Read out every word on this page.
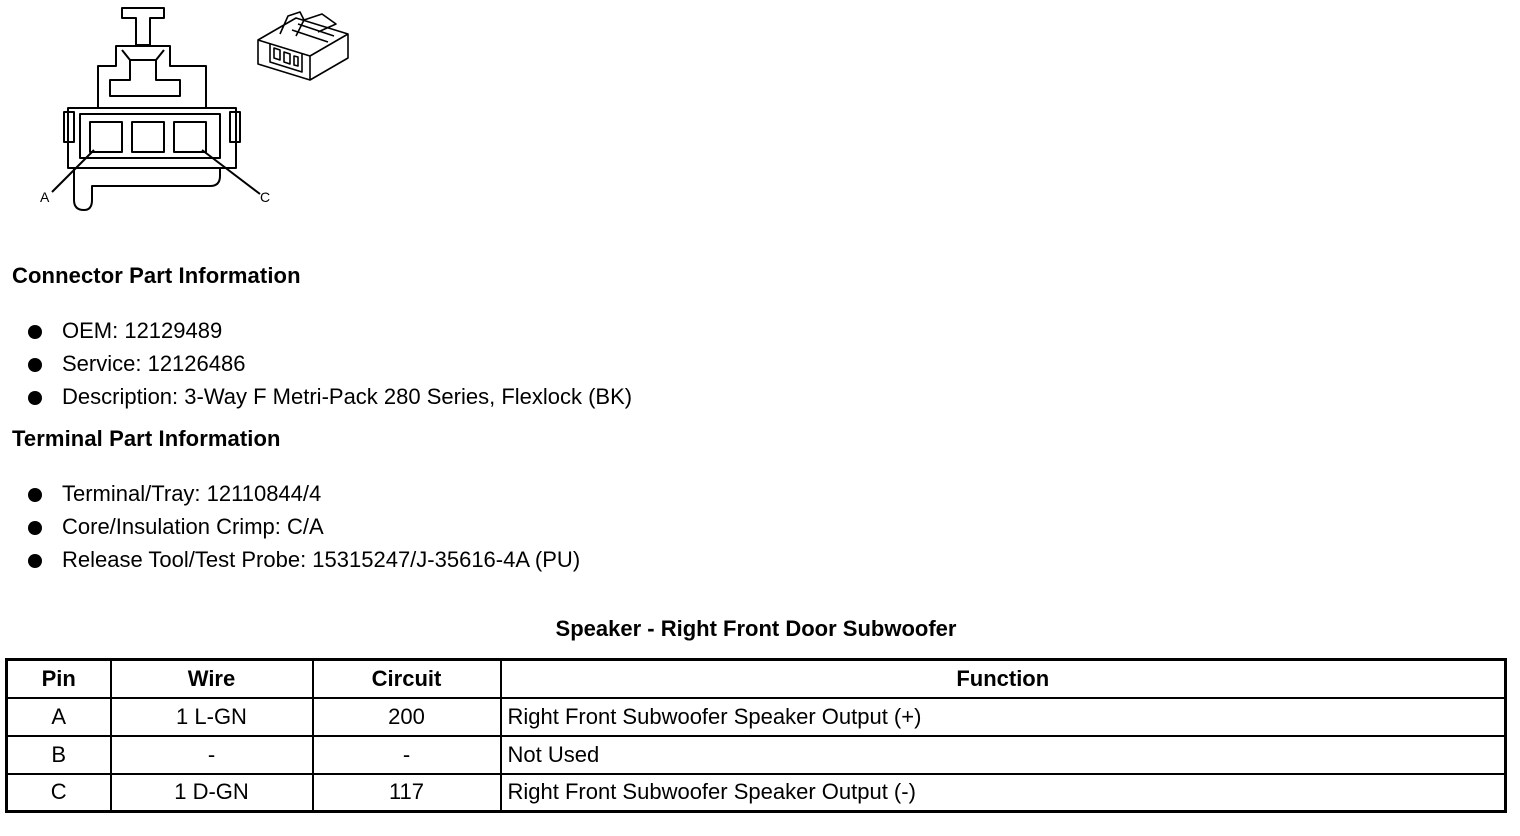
A	C
Connector Part Information
OEM: 12129489
Service: 12126486
Description: 3-Way F Metri-Pack 280 Series, Flexlock (BK)
Terminal Part Information
Terminal/Tray: 12110844/4
Core/Insulation Crimp: C/A
Release Tool/Test Probe: 15315247/J-35616-4A (PU)
Speaker - Right Front Door Subwoofer
Pin	Wire	Circuit	Function
A	1 L-GN	200	Right Front Subwoofer Speaker Output (+)
B	-	-	Not Used
C	1 D-GN	117	Right Front Subwoofer Speaker Output (-)
